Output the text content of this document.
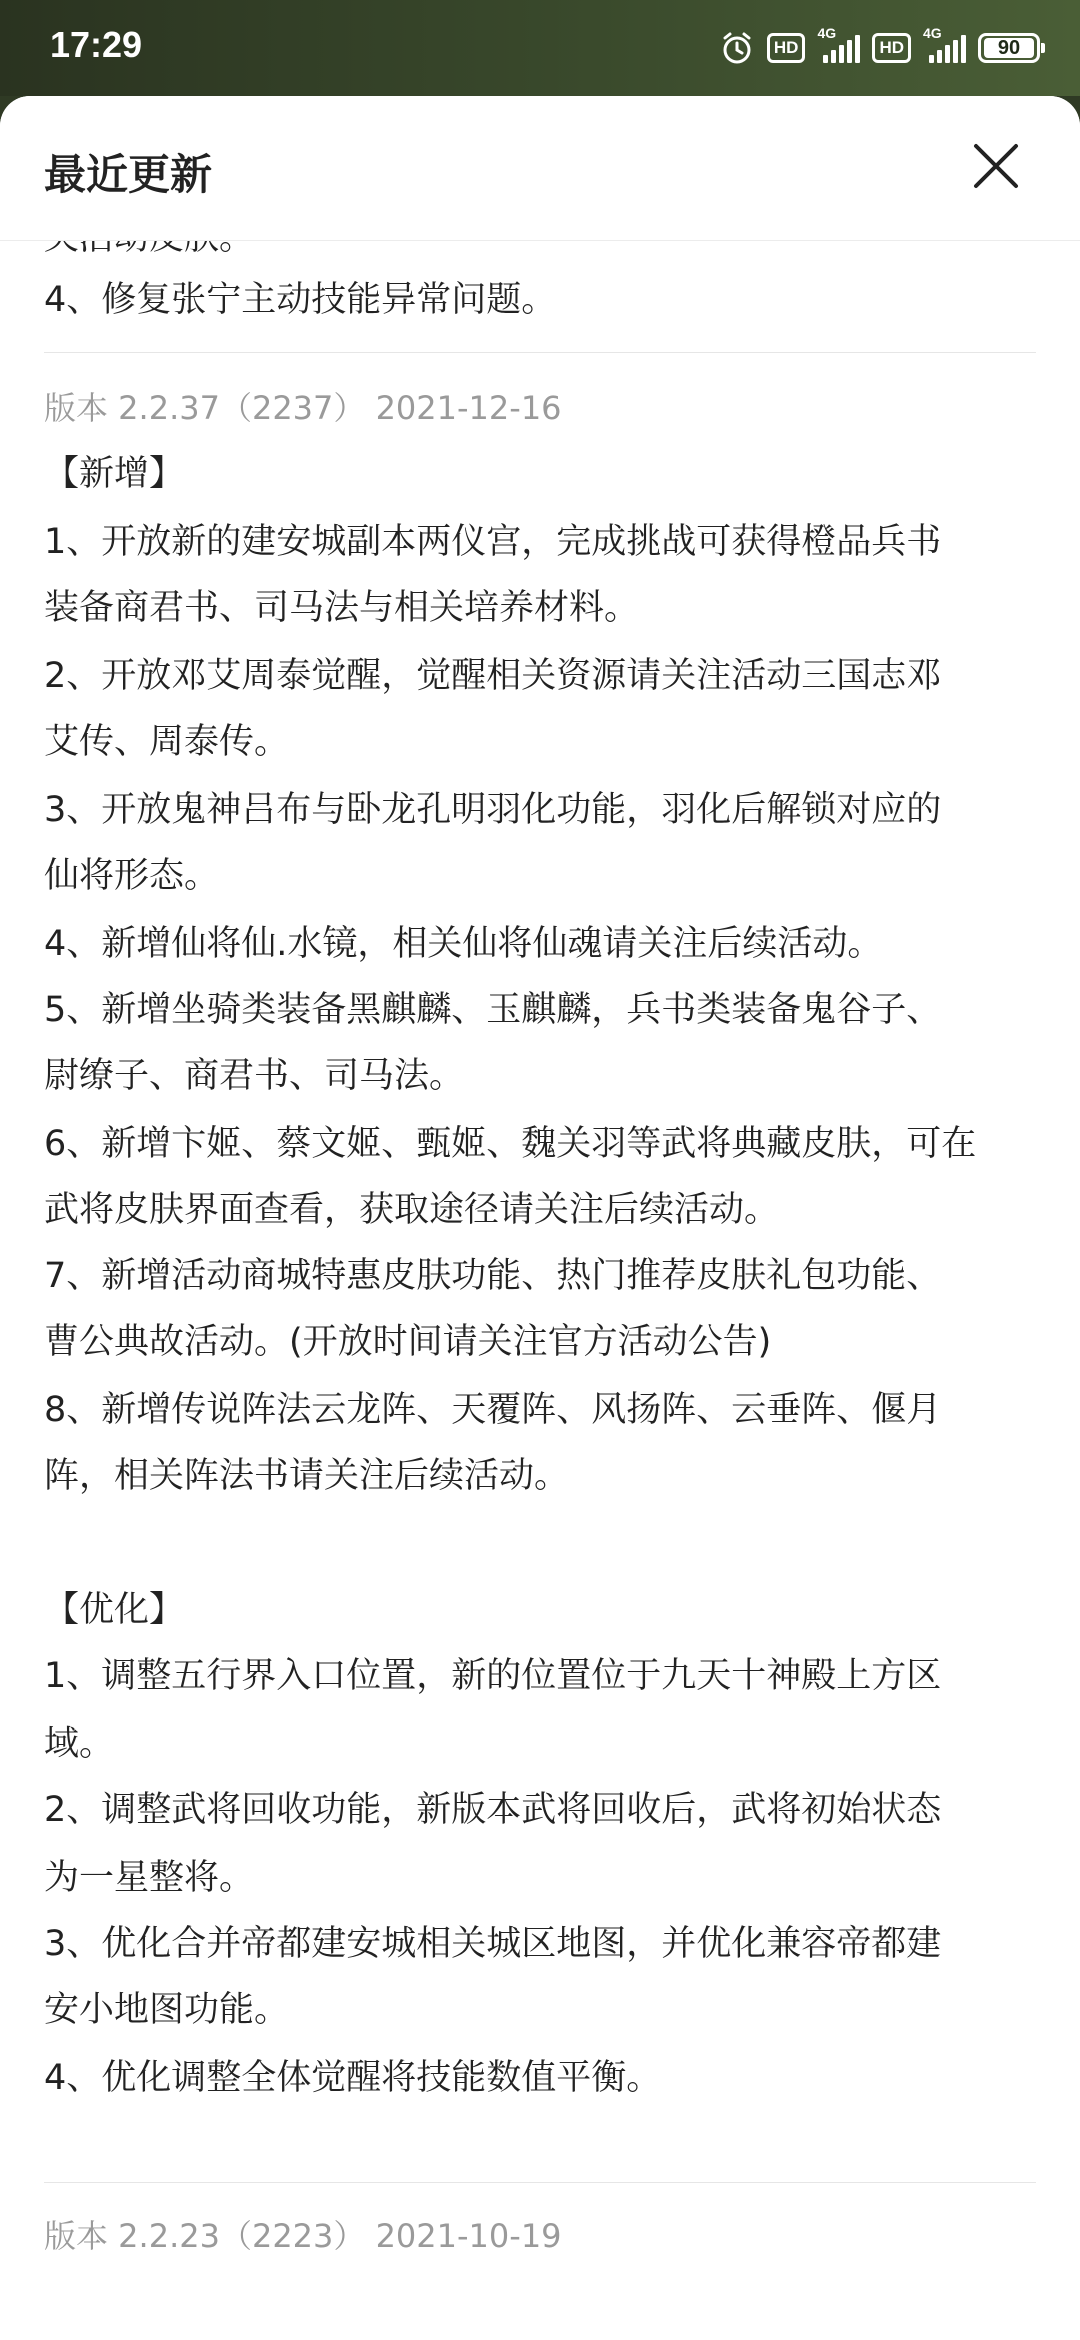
17:29	HD
4G
HD
4G
90
最近更新
4、修复张宁主动技能异常问题。
版本 2.2.37（2237） 2021-12-16
【新增】
1、开放新的建安城副本两仪宫，完成挑战可获得橙品兵书
装备商君书、司马法与相关培养材料。
2、开放邓艾周泰觉醒，觉醒相关资源请关注活动三国志邓
艾传、周泰传。
3、开放鬼神吕布与卧龙孔明羽化功能，羽化后解锁对应的
仙将形态。
4、新增仙将仙.水镜，相关仙将仙魂请关注后续活动。
5、新增坐骑类装备黑麒麟、玉麒麟，兵书类装备鬼谷子、
尉缭子、商君书、司马法。
6、新增卞姬、蔡文姬、甄姬、魏关羽等武将典藏皮肤，可在
武将皮肤界面查看，获取途径请关注后续活动。
7、新增活动商城特惠皮肤功能、热门推荐皮肤礼包功能、
曹公典故活动。(开放时间请关注官方活动公告)
8、新增传说阵法云龙阵、天覆阵、风扬阵、云垂阵、偃月
阵，相关阵法书请关注后续活动。
【优化】
1、调整五行界入口位置，新的位置位于九天十神殿上方区
域。
2、调整武将回收功能，新版本武将回收后，武将初始状态
为一星整将。
3、优化合并帝都建安城相关城区地图，并优化兼容帝都建
安小地图功能。
4、优化调整全体觉醒将技能数值平衡。
版本 2.2.23（2223） 2021-10-19
